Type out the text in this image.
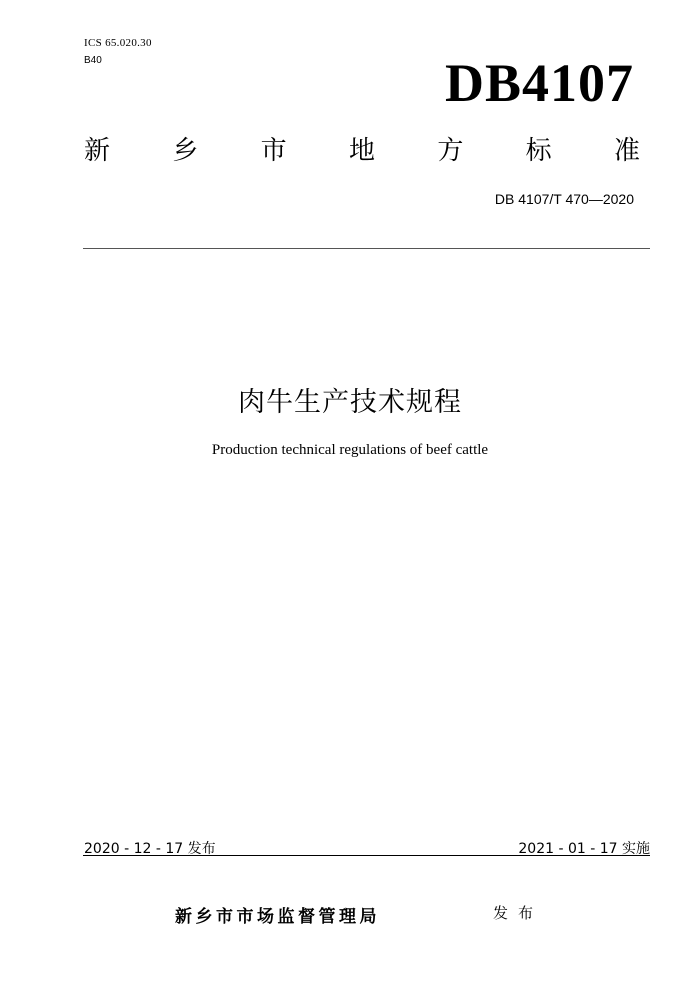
ICS 65.020.30
B40	DB4107
新 乡 市 地 方 标 准
DB 4107/T 470—2020
肉牛生产技术规程
Production technical regulations of beef cattle
2020 - 12 - 17 发布	2021 - 01 - 17 实施
新乡市市场监督管理局	发布
